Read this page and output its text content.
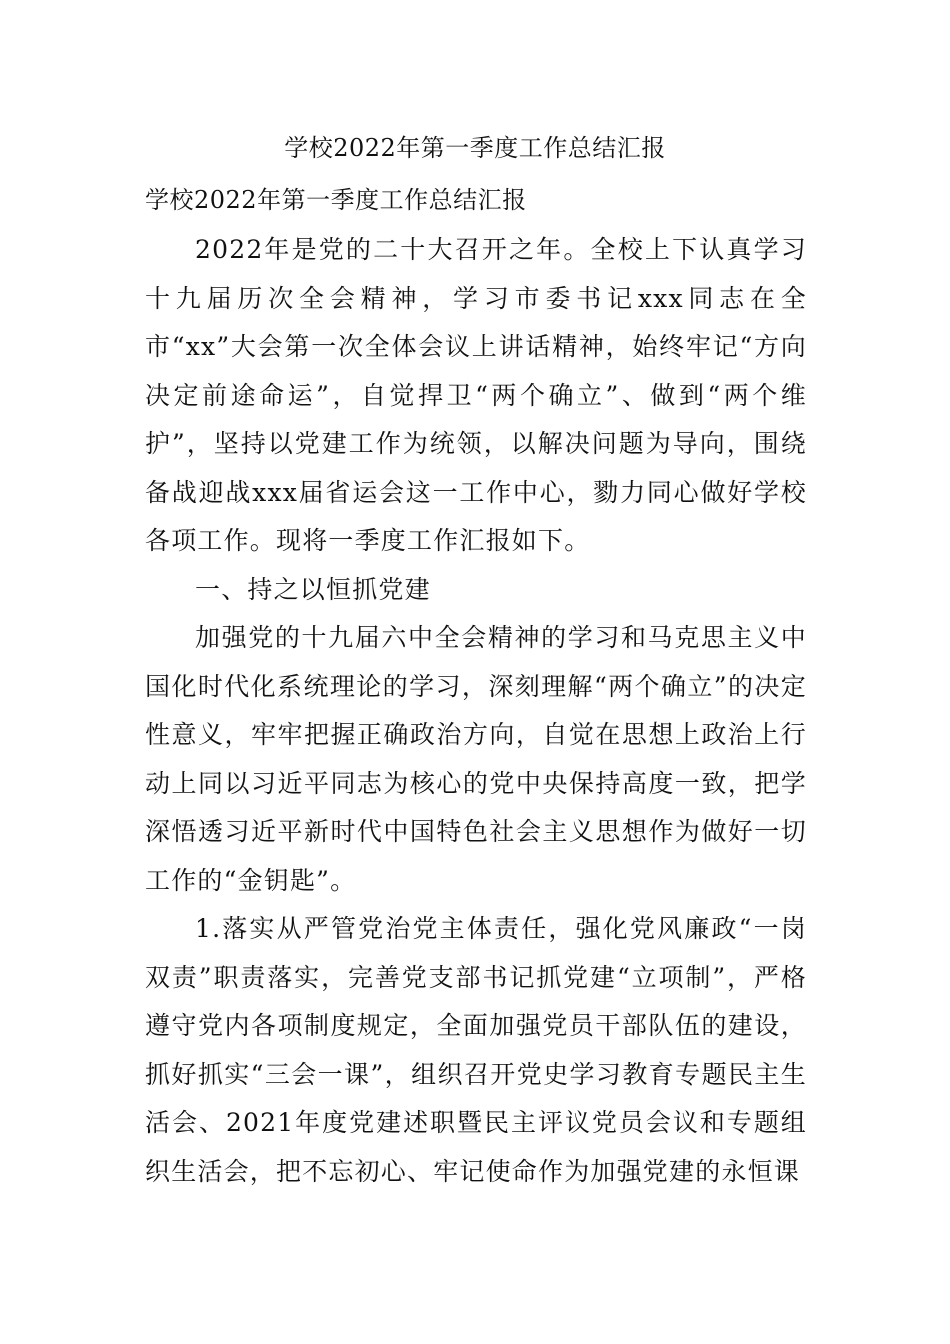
学校2022年第一季度工作总结汇报
学校2022年第一季度工作总结汇报

2022年是党的二十大召开之年。全校上下认真学习十九届历次全会精神，学习市委书记xxx同志在全市“xx”大会第一次全体会议上讲话精神，始终牢记“方向决定前途命运”，自觉捍卫“两个确立”、做到“两个维护”，坚持以党建工作为统领，以解决问题为导向，围绕备战迎战xxx届省运会这一工作中心，勠力同心做好学校各项工作。现将一季度工作汇报如下。

一、持之以恒抓党建

加强党的十九届六中全会精神的学习和马克思主义中国化时代化系统理论的学习，深刻理解“两个确立”的决定性意义，牢牢把握正确政治方向，自觉在思想上政治上行动上同以习近平同志为核心的党中央保持高度一致，把学深悟透习近平新时代中国特色社会主义思想作为做好一切工作的“金钥匙”。

1.落实从严管党治党主体责任，强化党风廉政“一岗双责”职责落实，完善党支部书记抓党建“立项制”，严格遵守党内各项制度规定，全面加强党员干部队伍的建设，抓好抓实“三会一课”，组织召开党史学习教育专题民主生活会、2021年度党建述职暨民主评议党员会议和专题组织生活会，把不忘初心、牢记使命作为加强党建的永恒课
